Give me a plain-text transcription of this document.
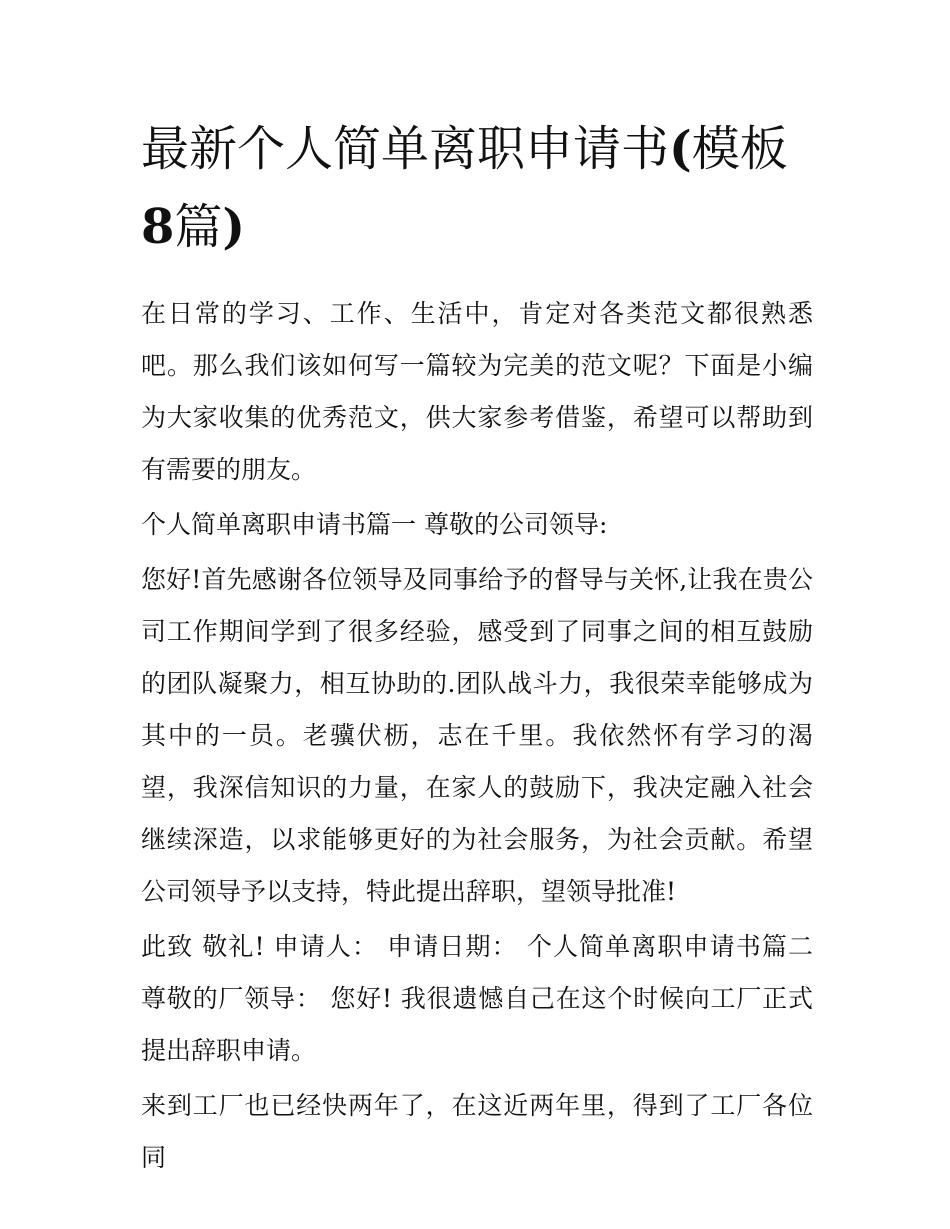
最新个人简单离职申请书(模板8篇)

在日常的学习、工作、生活中，肯定对各类范文都很熟悉吧。那么我们该如何写一篇较为完美的范文呢？下面是小编为大家收集的优秀范文，供大家参考借鉴，希望可以帮助到有需要的朋友。

个人简单离职申请书篇一 尊敬的公司领导:

您好!首先感谢各位领导及同事给予的督导与关怀,让我在贵公司工作期间学到了很多经验，感受到了同事之间的相互鼓励的团队凝聚力，相互协助的.团队战斗力，我很荣幸能够成为其中的一员。老骥伏枥，志在千里。我依然怀有学习的渴望，我深信知识的力量，在家人的鼓励下，我决定融入社会继续深造，以求能够更好的为社会服务，为社会贡献。希望公司领导予以支持，特此提出辞职，望领导批准!

此致 敬礼! 申请人： 申请日期： 个人简单离职申请书篇二 尊敬的厂领导： 您好! 我很遗憾自己在这个时候向工厂正式提出辞职申请。

来到工厂也已经快两年了，在这近两年里，得到了工厂各位同
